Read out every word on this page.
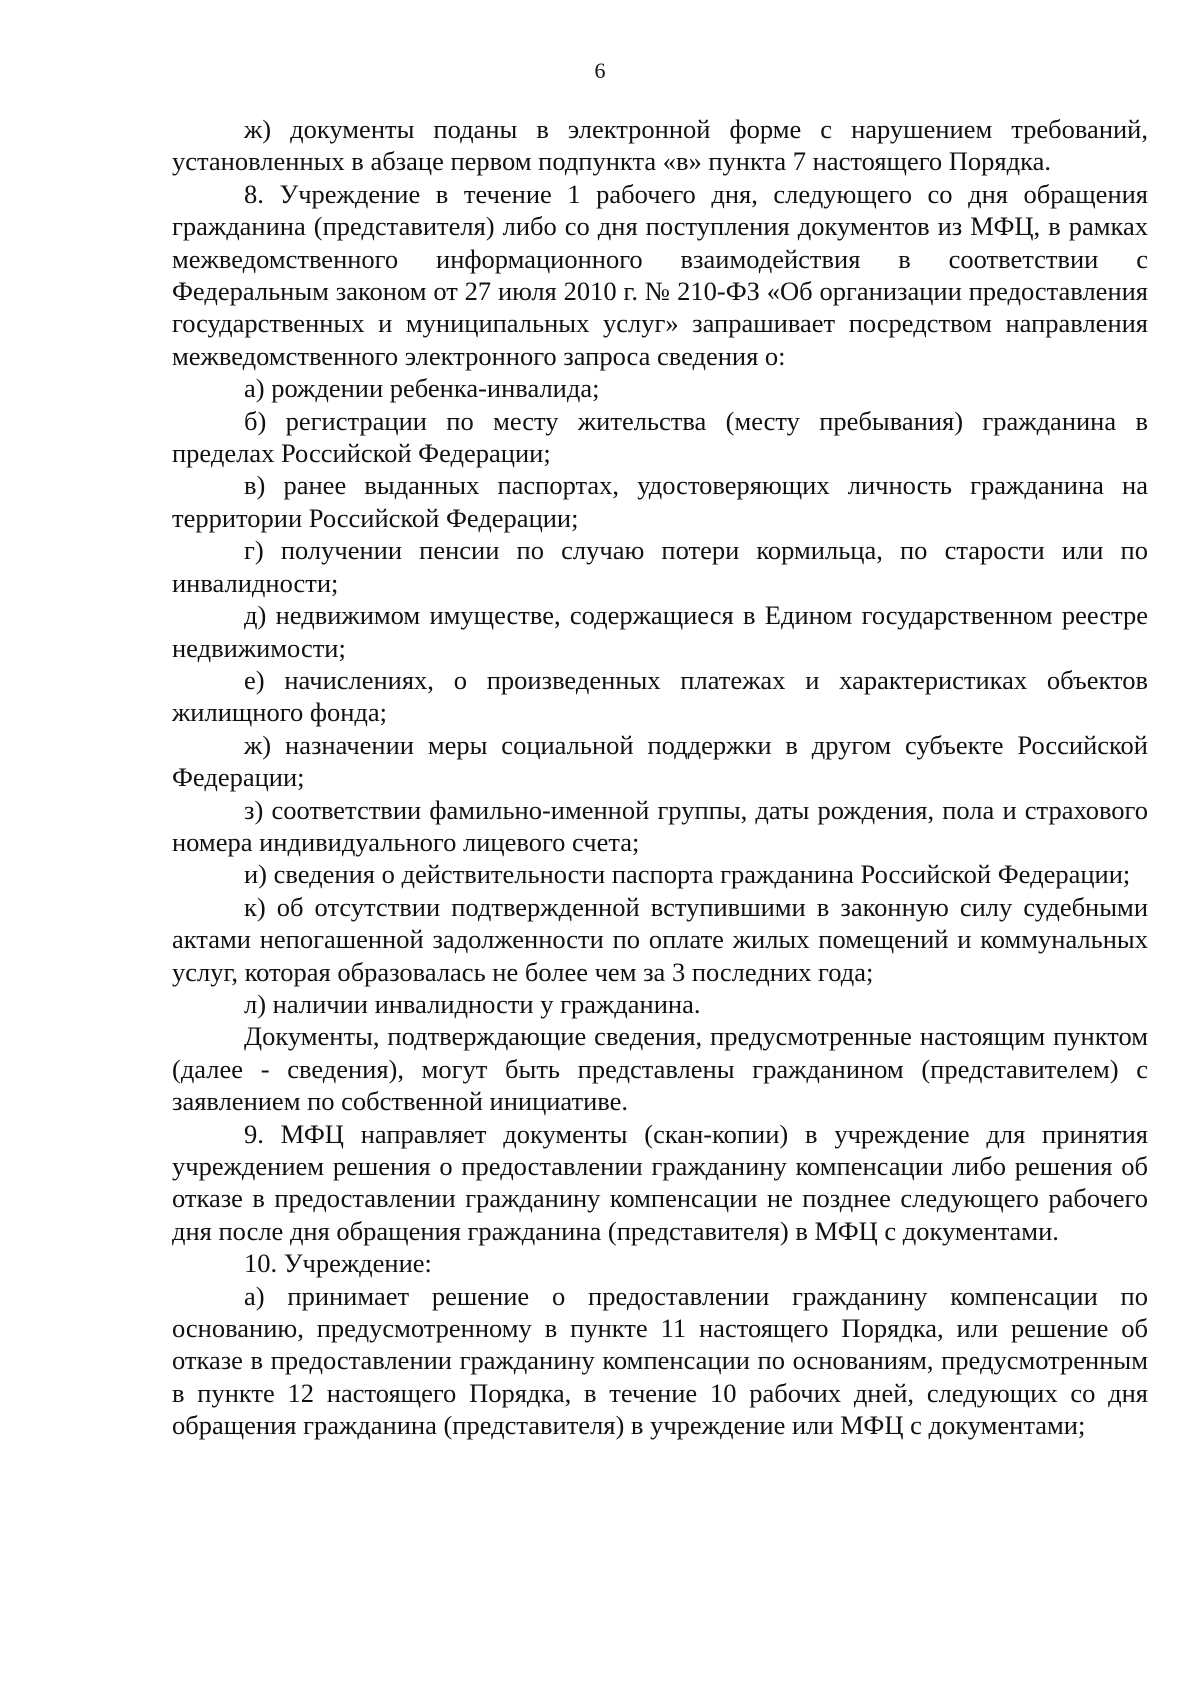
6

ж) документы поданы в электронной форме с нарушением требований, установленных в абзаце первом подпункта «в» пункта 7 настоящего Порядка.

8. Учреждение в течение 1 рабочего дня, следующего со дня обращения гражданина (представителя) либо со дня поступления документов из МФЦ, в рамках межведомственного информационного взаимодействия в соответствии с Федеральным законом от 27 июля 2010 г. № 210-ФЗ «Об организации предоставления государственных и муниципальных услуг» запрашивает посредством направления межведомственного электронного запроса сведения о:

а) рождении ребенка-инвалида;

б) регистрации по месту жительства (месту пребывания) гражданина в пределах Российской Федерации;

в) ранее выданных паспортах, удостоверяющих личность гражданина на территории Российской Федерации;

г) получении пенсии по случаю потери кормильца, по старости или по инвалидности;

д) недвижимом имуществе, содержащиеся в Едином государственном реестре недвижимости;

е) начислениях, о произведенных платежах и характеристиках объектов жилищного фонда;

ж) назначении меры социальной поддержки в другом субъекте Российской Федерации;

з) соответствии фамильно-именной группы, даты рождения, пола и страхового номера индивидуального лицевого счета;

и) сведения о действительности паспорта гражданина Российской Федерации;

к) об отсутствии подтвержденной вступившими в законную силу судебными актами непогашенной задолженности по оплате жилых помещений и коммунальных услуг, которая образовалась не более чем за 3 последних года;

л) наличии инвалидности у гражданина.

Документы, подтверждающие сведения, предусмотренные настоящим пунктом (далее - сведения), могут быть представлены гражданином (представителем) с заявлением по собственной инициативе.

9. МФЦ направляет документы (скан-копии) в учреждение для принятия учреждением решения о предоставлении гражданину компенсации либо решения об отказе в предоставлении гражданину компенсации не позднее следующего рабочего дня после дня обращения гражданина (представителя) в МФЦ с документами.

10. Учреждение:

а) принимает решение о предоставлении гражданину компенсации по основанию, предусмотренному в пункте 11 настоящего Порядка, или решение об отказе в предоставлении гражданину компенсации по основаниям, предусмотренным в пункте 12 настоящего Порядка, в течение 10 рабочих дней, следующих со дня обращения гражданина (представителя) в учреждение или МФЦ с документами;
